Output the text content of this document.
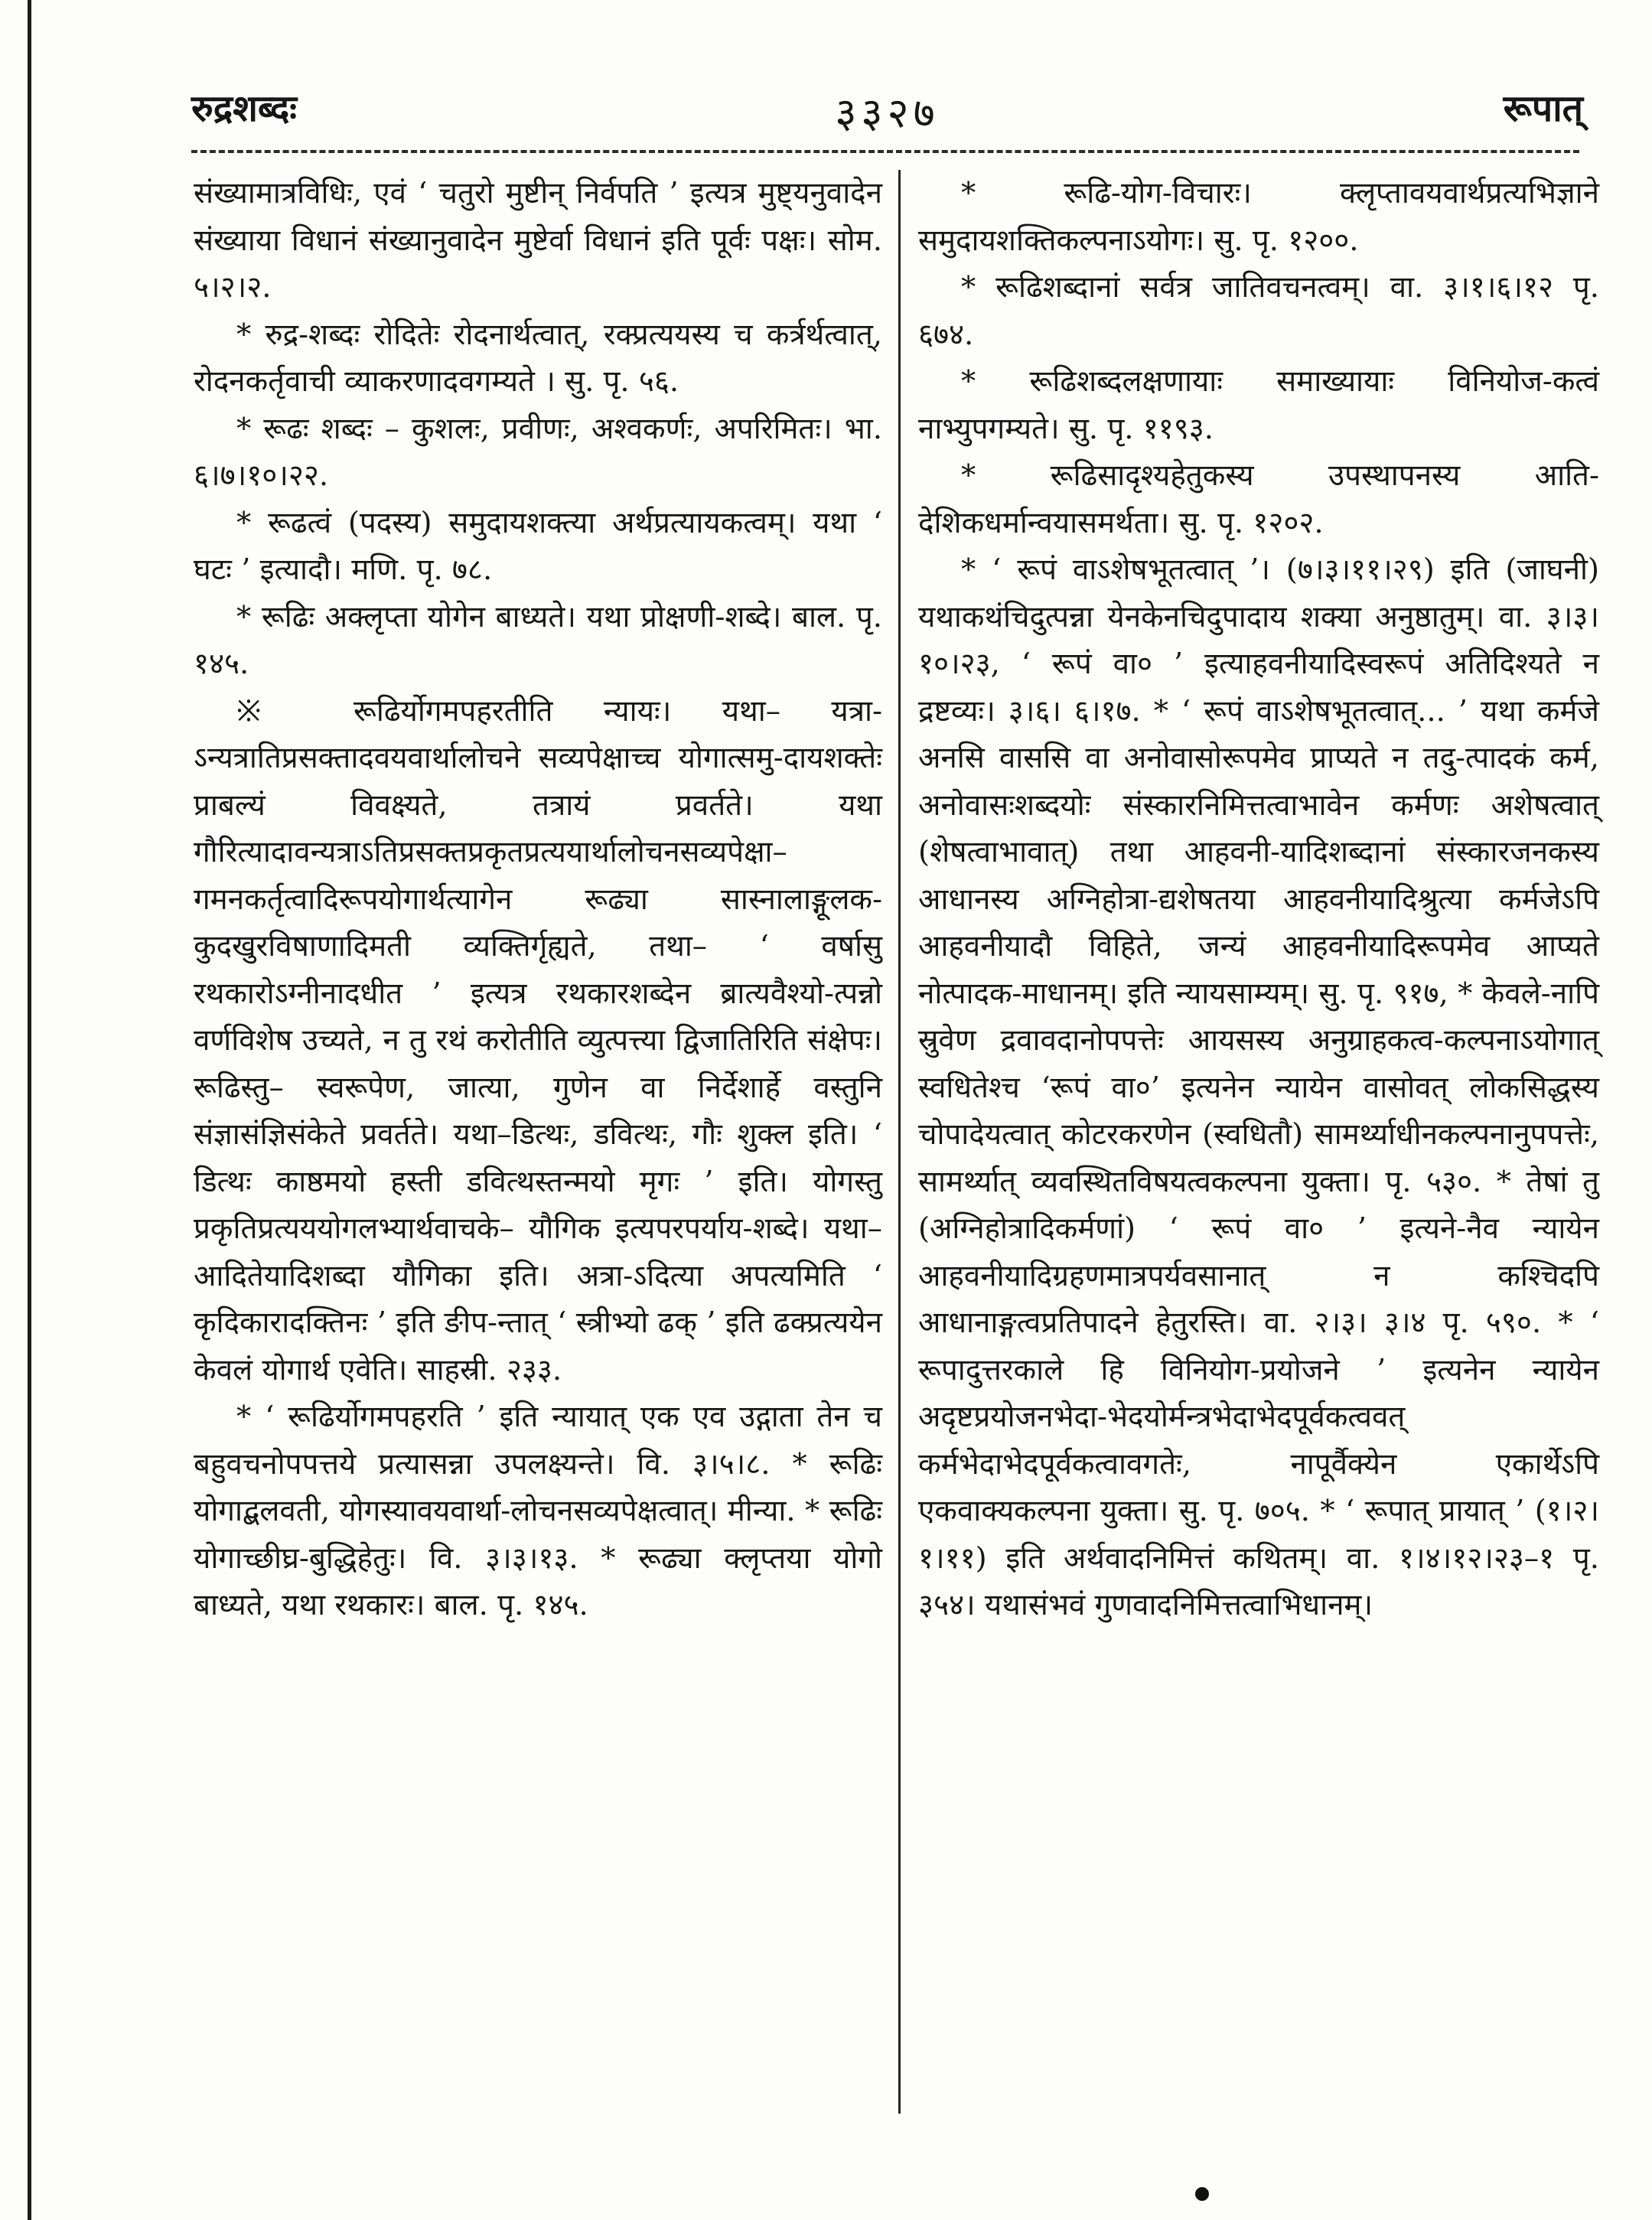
रुद्रशब्दः	३३२७	रूपात्

संख्यामात्रविधिः, एवं ‘ चतुरो मुष्टीन् निर्वपति ’ इत्यत्र मुष्ट्यनुवादेन संख्याया विधानं संख्यानुवादेन मुष्टेर्वा विधानं इति पूर्वः पक्षः। सोम. ५।२।२.

* रुद्र-शब्दः रोदितेः रोदनार्थत्वात्, रक्प्रत्ययस्य च कर्त्रर्थत्वात्, रोदनकर्तृवाची व्याकरणादवगम्यते । सु. पृ. ५६.

* रूढः शब्दः – कुशलः, प्रवीणः, अश्वकर्णः, अपरिमितः। भा. ६।७।१०।२२.

* रूढत्वं (पदस्य) समुदायशक्त्या अर्थप्रत्यायकत्वम्। यथा ‘ घटः ’ इत्यादौ। मणि. पृ. ७८.

* रूढिः अक्लृप्ता योगेन बाध्यते। यथा प्रोक्षणी-शब्दे। बाल. पृ. १४५.

※ रूढिर्योगमपहरतीति न्यायः। यथा– यत्रा-ऽन्यत्रातिप्रसक्तादवयवार्थालोचने सव्यपेक्षाच्च योगात्समु-दायशक्तेः प्राबल्यं विवक्ष्यते, तत्रायं प्रवर्तते। यथा गौरित्यादावन्यत्राऽतिप्रसक्तप्रकृतप्रत्ययार्थालोचनसव्यपेक्षा– गमनकर्तृत्वादिरूपयोगार्थत्यागेन रूढ्या सास्नालाङ्गूलक-कुदखुरविषाणादिमती व्यक्तिर्गृह्यते, तथा– ‘ वर्षासु रथकारोऽग्नीनादधीत ’ इत्यत्र रथकारशब्देन ब्रात्यवैश्यो-त्पन्नो वर्णविशेष उच्यते, न तु रथं करोतीति व्युत्पत्त्या द्विजातिरिति संक्षेपः। रूढिस्तु– स्वरूपेण, जात्या, गुणेन वा निर्देशार्हे वस्तुनि संज्ञासंज्ञिसंकेते प्रवर्तते। यथा–डित्थः, डवित्थः, गौः शुक्ल इति। ‘ डित्थः काष्ठमयो हस्ती डवित्थस्तन्मयो मृगः ’ इति। योगस्तु प्रकृतिप्रत्यययोगलभ्यार्थवाचके– यौगिक इत्यपरपर्याय-शब्दे। यथा– आदितेयादिशब्दा यौगिका इति। अत्रा-ऽदित्या अपत्यमिति ‘ कृदिकारादक्तिनः ’ इति ङीप-न्तात् ‘ स्त्रीभ्यो ढक् ’ इति ढक्प्रत्ययेन केवलं योगार्थ एवेति। साहस्री. २३३.

* ‘ रूढिर्योगमपहरति ’ इति न्यायात् एक एव उद्गाता तेन च बहुवचनोपपत्तये प्रत्यासन्ना उपलक्ष्यन्ते। वि. ३।५।८. * रूढिः योगाद्बलवती, योगस्यावयवार्था-लोचनसव्यपेक्षत्वात्। मीन्या. * रूढिः योगाच्छीघ्र-बुद्धिहेतुः। वि. ३।३।१३. * रूढ्या क्लृप्तया योगो बाध्यते, यथा रथकारः। बाल. पृ. १४५.

* रूढि-योग-विचारः। क्लृप्तावयवार्थप्रत्यभिज्ञाने समुदायशक्तिकल्पनाऽयोगः। सु. पृ. १२००.

* रूढिशब्दानां सर्वत्र जातिवचनत्वम्। वा. ३।१।६।१२ पृ. ६७४.

* रूढिशब्दलक्षणायाः समाख्यायाः विनियोज-कत्वं नाभ्युपगम्यते। सु. पृ. ११९३.

* रूढिसादृश्यहेतुकस्य उपस्थापनस्य आति-देशिकधर्मान्वयासमर्थता। सु. पृ. १२०२.

* ‘ रूपं वाऽशेषभूतत्वात् ’। (७।३।११।२९) इति (जाघनी) यथाकथंचिदुत्पन्ना येनकेनचिदुपादाय शक्या अनुष्ठातुम्। वा. ३।३।१०।२३, ‘ रूपं वा० ’ इत्याहवनीयादिस्वरूपं अतिदिश्यते न द्रष्टव्यः। ३।६। ६।१७. * ‘ रूपं वाऽशेषभूतत्वात्... ’ यथा कर्मजे अनसि वाससि वा अनोवासोरूपमेव प्राप्यते न तदु-त्पादकं कर्म, अनोवासःशब्दयोः संस्कारनिमित्तत्वाभावेन कर्मणः अशेषत्वात् (शेषत्वाभावात्) तथा आहवनी-यादिशब्दानां संस्कारजनकस्य आधानस्य अग्निहोत्रा-द्यशेषतया आहवनीयादिश्रुत्या कर्मजेऽपि आहवनीयादौ विहिते, जन्यं आहवनीयादिरूपमेव आप्यते नोत्पादक-माधानम्। इति न्यायसाम्यम्। सु. पृ. ९१७, * केवले-नापि स्रुवेण द्रवावदानोपपत्तेः आयसस्य अनुग्राहकत्व-कल्पनाऽयोगात् स्वधितेश्च ‘रूपं वा०’ इत्यनेन न्यायेन वासोवत् लोकसिद्धस्य चोपादेयत्वात् कोटरकरणेन (स्वधितौ) सामर्थ्याधीनकल्पनानुपपत्तेः, सामर्थ्यात् व्यवस्थितविषयत्वकल्पना युक्ता। पृ. ५३०. * तेषां तु (अग्निहोत्रादिकर्मणां) ‘ रूपं वा० ’ इत्यने-नैव न्यायेन आहवनीयादिग्रहणमात्रपर्यवसानात् न कश्चिदपि आधानाङ्गत्वप्रतिपादने हेतुरस्ति। वा. २।३। ३।४ पृ. ५९०. * ‘ रूपादुत्तरकाले हि विनियोग-प्रयोजने ’ इत्यनेन न्यायेन अदृष्टप्रयोजनभेदा-भेदयोर्मन्त्रभेदाभेदपूर्वकत्ववत् कर्मभेदाभेदपूर्वकत्वावगतेः, नापूर्वैक्येन एकार्थेऽपि एकवाक्यकल्पना युक्ता। सु. पृ. ७०५. * ‘ रूपात् प्रायात् ’ (१।२।१।११) इति अर्थवादनिमित्तं कथितम्। वा. १।४।१२।२३–१ पृ. ३५४। यथासंभवं गुणवादनिमित्तत्वाभिधानम्।
